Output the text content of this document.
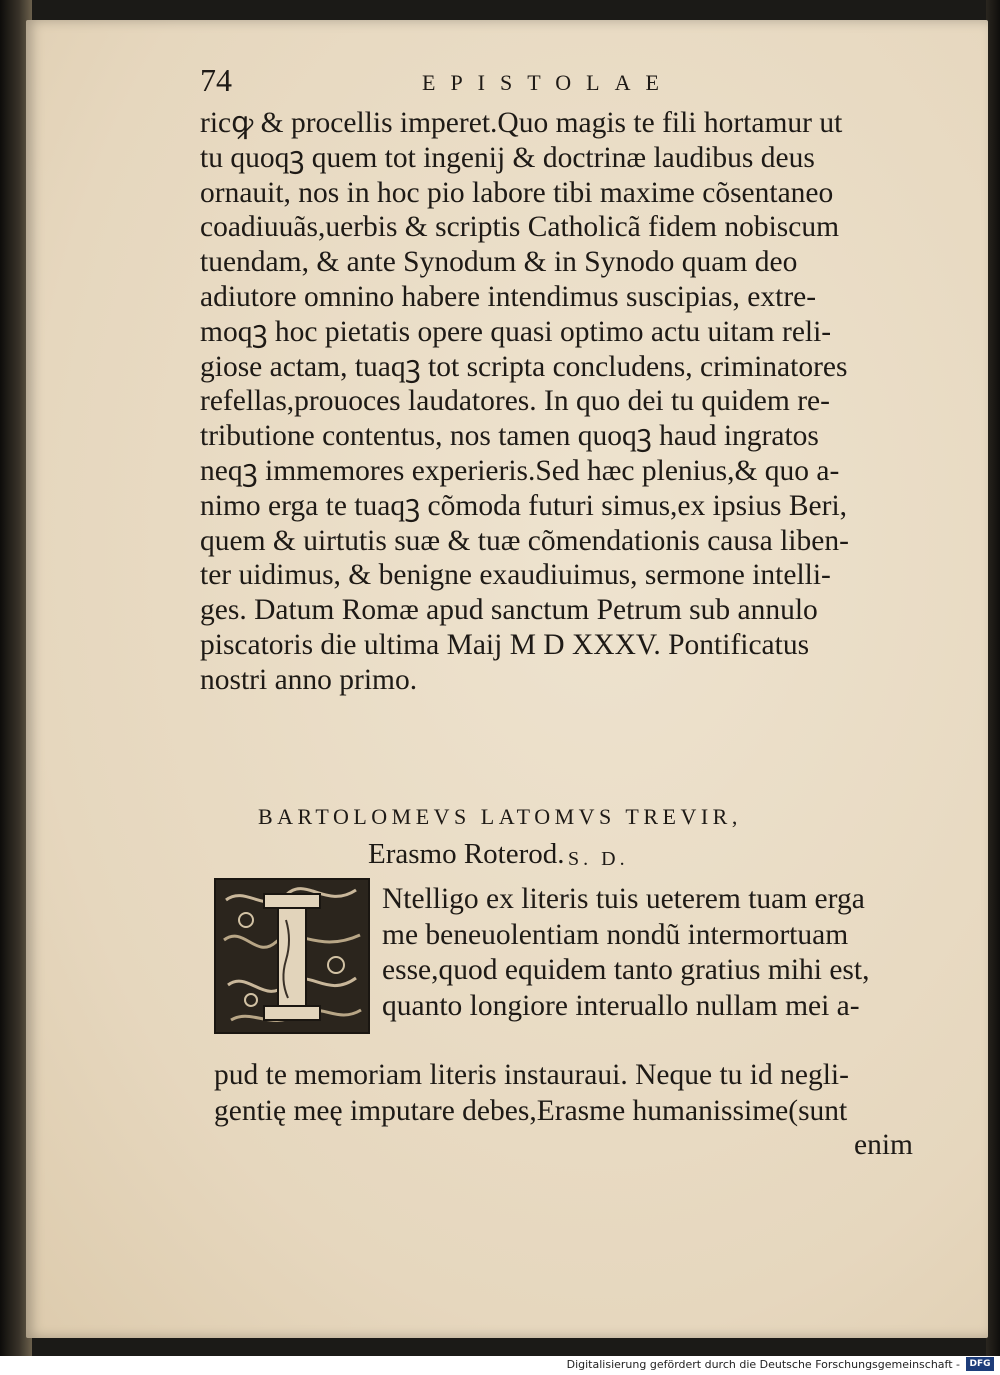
74	EPISTOLAE
ricꝙ & procellis imperet.Quo magis te fili hortamur ut
tu quoqꝫ quem tot ingenij & doctrinæ laudibus deus
ornauit, nos in hoc pio labore tibi maxime cõsentaneo
coadiuuãs,uerbis & scriptis Catholicã fidem nobiscum
tuendam, & ante Synodum & in Synodo quam deo
adiutore omnino habere intendimus suscipias, extre-
moqꝫ hoc pietatis opere quasi optimo actu uitam reli-
giose actam, tuaqꝫ tot scripta concludens, criminatores
refellas,prouoces laudatores. In quo dei tu quidem re-
tributione contentus, nos tamen quoqꝫ haud ingratos
neqꝫ immemores experieris.Sed hæc plenius,& quo a-
nimo erga te tuaqꝫ cõmoda futuri simus,ex ipsius Beri,
quem & uirtutis suæ & tuæ cõmendationis causa liben-
ter uidimus, & benigne exaudiuimus, sermone intelli-
ges. Datum Romæ apud sanctum Petrum sub annulo
piscatoris die ultima Maij M D XXXV. Pontificatus
nostri anno primo.
BARTOLOMEVS LATOMVS TREVIR,
Erasmo Roterod. S. D.
Ntelligo ex literis tuis ueterem tuam erga
me beneuolentiam nondũ intermortuam
esse,quod equidem tanto gratius mihi est,
quanto longiore interuallo nullam mei a-
pud te memoriam literis instauraui. Neque tu id negli-
gentię meę imputare debes,Erasme humanissime(sunt
enim
Digitalisierung gefördert durch die Deutsche Forschungsgemeinschaft -	DFG
